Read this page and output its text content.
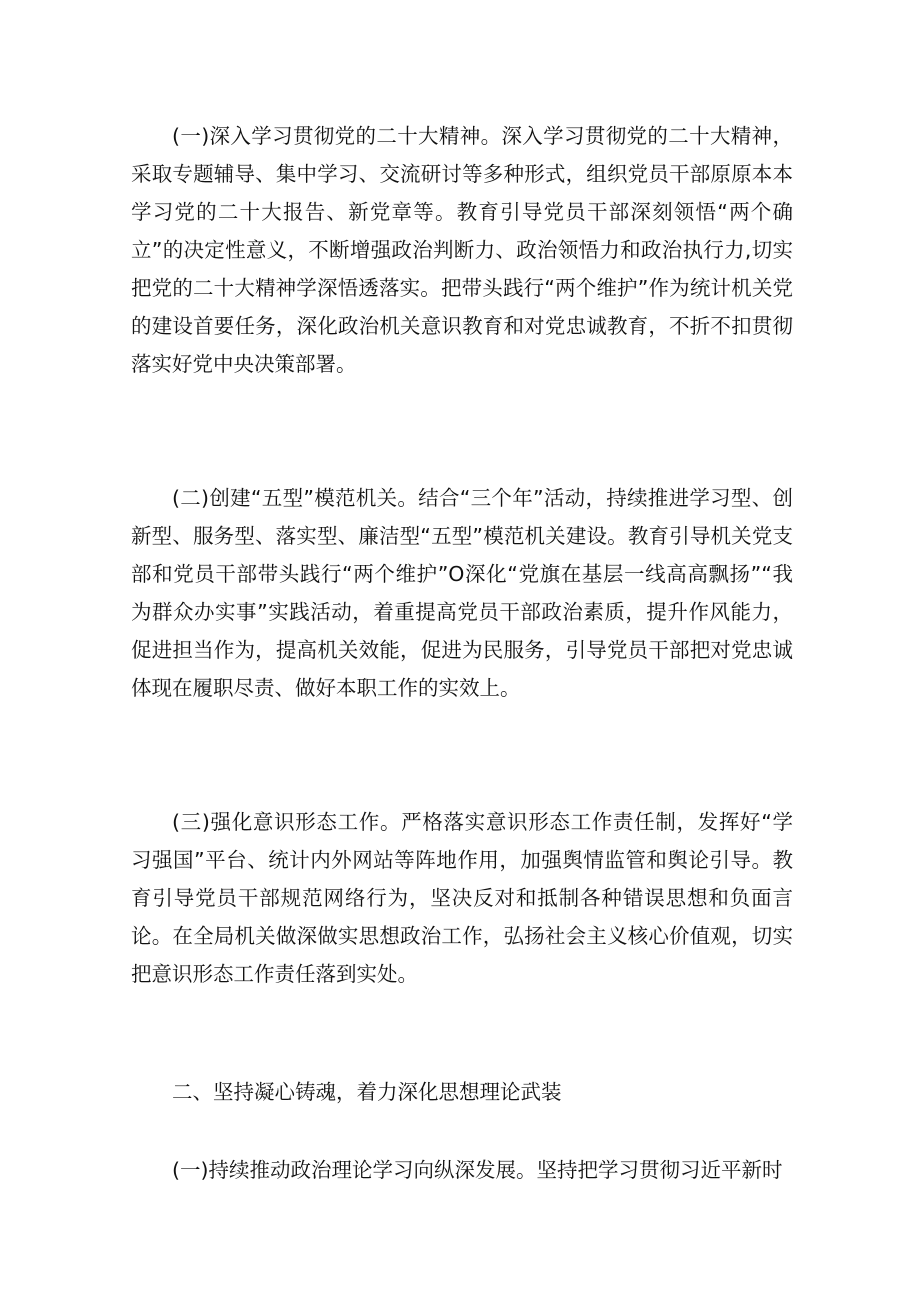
(一)深入学习贯彻党的二十大精神。深入学习贯彻党的二十大精神，采取专题辅导、集中学习、交流研讨等多种形式，组织党员干部原原本本学习党的二十大报告、新党章等。教育引导党员干部深刻领悟“两个确立”的决定性意义，不断增强政治判断力、政治领悟力和政治执行力,切实把党的二十大精神学深悟透落实。把带头践行“两个维护”作为统计机关党的建设首要任务，深化政治机关意识教育和对党忠诚教育，不折不扣贯彻落实好党中央决策部署。

(二)创建“五型”模范机关。结合“三个年”活动，持续推进学习型、创新型、服务型、落实型、廉洁型“五型”模范机关建设。教育引导机关党支部和党员干部带头践行“两个维护”O深化“党旗在基层一线高高飘扬”“我为群众办实事”实践活动，着重提高党员干部政治素质，提升作风能力，促进担当作为，提高机关效能，促进为民服务，引导党员干部把对党忠诚体现在履职尽责、做好本职工作的实效上。

(三)强化意识形态工作。严格落实意识形态工作责任制，发挥好“学习强国”平台、统计内外网站等阵地作用，加强舆情监管和舆论引导。教育引导党员干部规范网络行为，坚决反对和抵制各种错误思想和负面言论。在全局机关做深做实思想政治工作，弘扬社会主义核心价值观，切实把意识形态工作责任落到实处。

二、坚持凝心铸魂，着力深化思想理论武装

(一)持续推动政治理论学习向纵深发展。坚持把学习贯彻习近平新时
